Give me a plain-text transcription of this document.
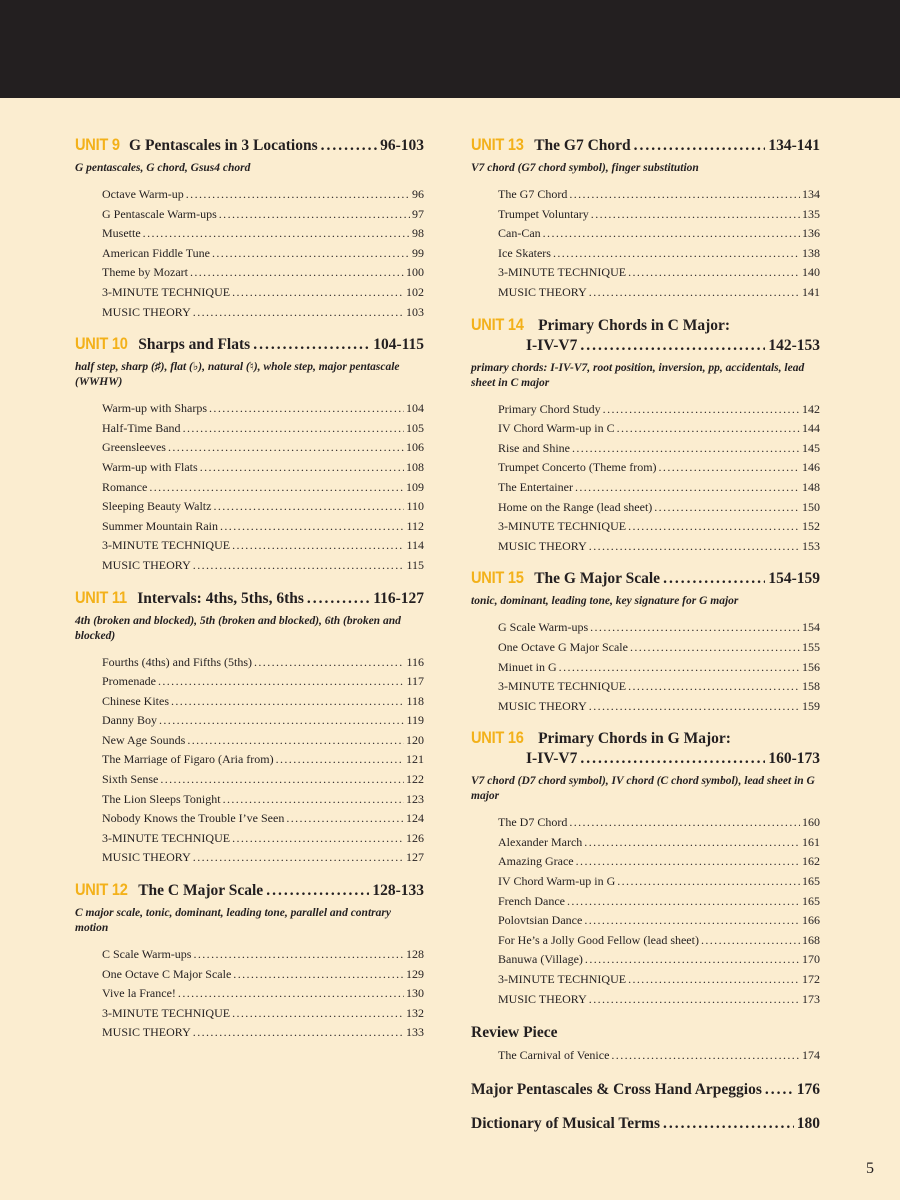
UNIT 9 G Pentascales in 3 Locations .....	96-103
G pentascales, G chord, Gsus4 chord
Octave Warm-up .....	96
G Pentascale Warm-ups .....	97
Musette .....	98
American Fiddle Tune .....	99
Theme by Mozart .....	100
3-MINUTE TECHNIQUE .....	102
MUSIC THEORY .....	103
UNIT 10 Sharps and Flats .....	104-115
half step, sharp (♯), flat (♭), natural (♮), whole step, major pentascale (WWHW)
Warm-up with Sharps .....	104
Half-Time Band .....	105
Greensleeves .....	106
Warm-up with Flats .....	108
Romance .....	109
Sleeping Beauty Waltz .....	110
Summer Mountain Rain .....	112
3-MINUTE TECHNIQUE .....	114
MUSIC THEORY .....	115
UNIT 11 Intervals: 4ths, 5ths, 6ths .....	116-127
4th (broken and blocked), 5th (broken and blocked), 6th (broken and blocked)
Fourths (4ths) and Fifths (5ths) .....	116
Promenade .....	117
Chinese Kites .....	118
Danny Boy .....	119
New Age Sounds .....	120
The Marriage of Figaro (Aria from) .....	121
Sixth Sense .....	122
The Lion Sleeps Tonight .....	123
Nobody Knows the Trouble I’ve Seen .....	124
3-MINUTE TECHNIQUE .....	126
MUSIC THEORY .....	127
UNIT 12 The C Major Scale .....	128-133
C major scale, tonic, dominant, leading tone, parallel and contrary motion
C Scale Warm-ups .....	128
One Octave C Major Scale .....	129
Vive la France! .....	130
3-MINUTE TECHNIQUE .....	132
MUSIC THEORY .....	133
UNIT 13 The G7 Chord .....	134-141
V7 chord (G7 chord symbol), finger substitution
The G7 Chord .....	134
Trumpet Voluntary .....	135
Can-Can .....	136
Ice Skaters .....	138
3-MINUTE TECHNIQUE .....	140
MUSIC THEORY .....	141
UNIT 14 Primary Chords in C Major:
I-IV-V7 .....	142-153
primary chords: I-IV-V7, root position, inversion, pp, accidentals, lead sheet in C major
Primary Chord Study .....	142
IV Chord Warm-up in C .....	144
Rise and Shine .....	145
Trumpet Concerto (Theme from) .....	146
The Entertainer .....	148
Home on the Range (lead sheet) .....	150
3-MINUTE TECHNIQUE .....	152
MUSIC THEORY .....	153
UNIT 15 The G Major Scale .....	154-159
tonic, dominant, leading tone, key signature for G major
G Scale Warm-ups .....	154
One Octave G Major Scale .....	155
Minuet in G .....	156
3-MINUTE TECHNIQUE .....	158
MUSIC THEORY .....	159
UNIT 16 Primary Chords in G Major:
I-IV-V7 .....	160-173
V7 chord (D7 chord symbol), IV chord (C chord symbol), lead sheet in G major
The D7 Chord .....	160
Alexander March .....	161
Amazing Grace .....	162
IV Chord Warm-up in G .....	165
French Dance .....	165
Polovtsian Dance .....	166
For He’s a Jolly Good Fellow (lead sheet) .....	168
Banuwa (Village) .....	170
3-MINUTE TECHNIQUE .....	172
MUSIC THEORY .....	173
Review Piece
The Carnival of Venice .....	174
Major Pentascales & Cross Hand Arpeggios ..... 176
Dictionary of Musical Terms .....	180
5
